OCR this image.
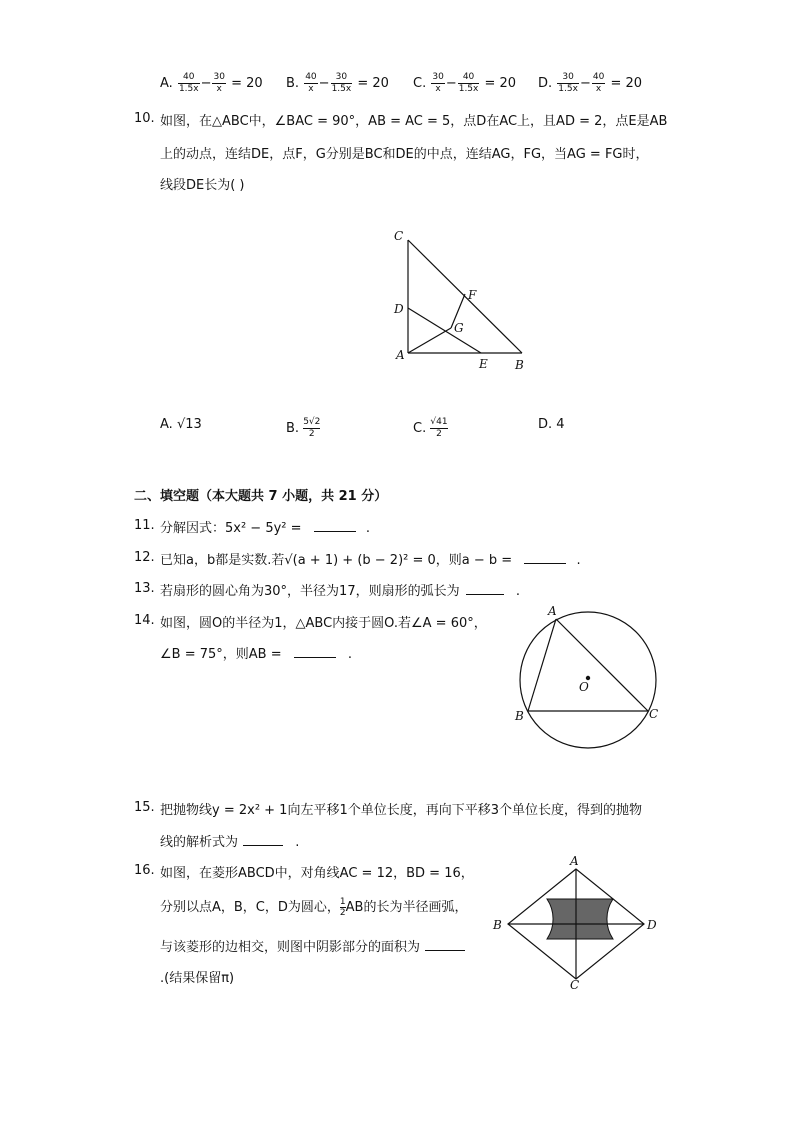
A. $\frac{40}{1.5x} - \frac{30}{x} = 20$ B. $\frac{40}{x} - \frac{30}{1.5x} = 20$ C. $\frac{30}{x} - \frac{40}{1.5x} = 20$ D. $\frac{30}{1.5x} - \frac{40}{x} = 20$
10. 如图，在△ABC中，∠BAC = 90°，AB = AC = 5，点D在AC上，且AD = 2，点E是AB
上的动点，连结DE，点F，G分别是BC和DE的中点，连结AG，FG，当AG = FG时，
线段DE长为( )
C
D
A
F
G
E B
A. √13	B. $\frac{5√2}{2}$	C. $\frac{√41}{2}$	D. 4
二、填空题（本大题共 7 小题，共 21 分）
11. 分解因式：5x² − 5y² =	.
12. 已知a，b都是实数.若√(a + 1) + (b − 2)² = 0，则a − b =	.
13. 若扇形的圆心角为30°，半径为17，则扇形的弧长为	.
14. 如图，圆O的半径为1，△ABC内接于圆O.若∠A = 60°，
∠B = 75°，则AB =	.
A
B	C
O
15. 把抛物线y = 2x² + 1向左平移1个单位长度，再向下平移3个单位长度，得到的抛物
线的解析式为	.
16. 如图，在菱形ABCD中，对角线AC = 12，BD = 16，
分别以点A，B，C，D为圆心， $\frac{1}{2}$ AB的长为半径画弧，
与该菱形的边相交，则图中阴影部分的面积为
.(结果保留π)
A
B
C
D
